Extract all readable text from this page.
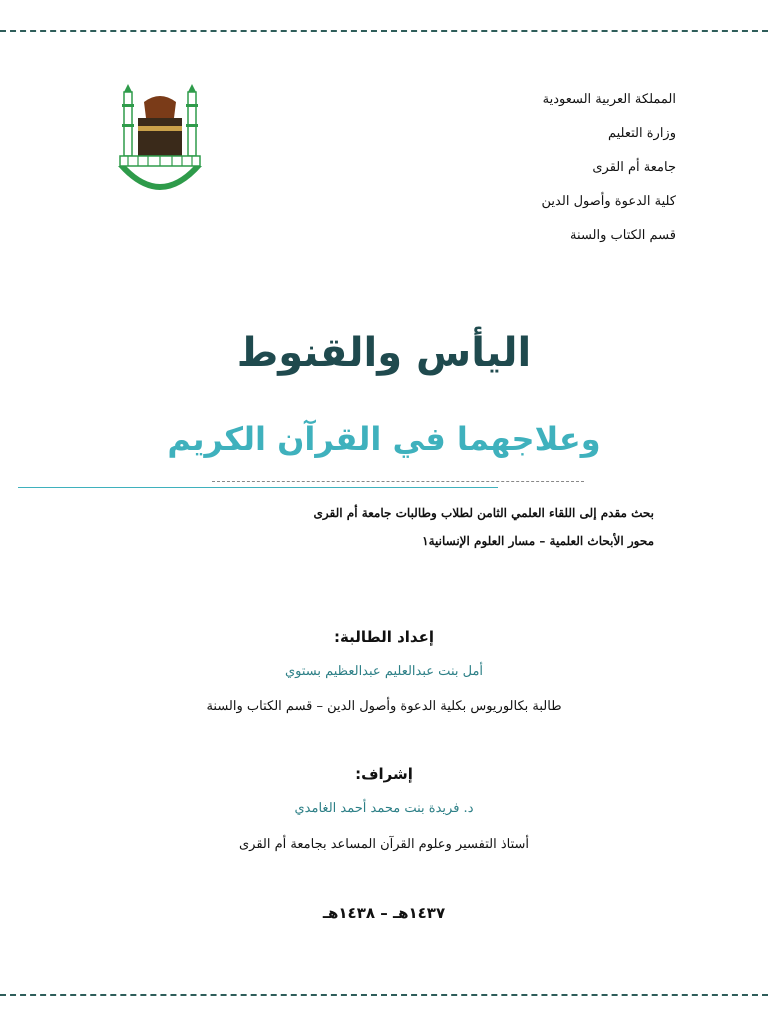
المملكة العربية السعودية
وزارة التعليم
جامعة أم القرى
كلية الدعوة وأصول الدين
قسم الكتاب والسنة
اليأس والقنوط
وعلاجهما في القرآن الكريم
بحث مقدم إلى اللقاء العلمي الثامن لطلاب وطالبات جامعة أم القرى
محور الأبحاث العلمية – مسار العلوم الإنسانية١
إعداد الطالبة:
أمل بنت عبدالعليم عبدالعظيم بستوي
طالبة بكالوريوس بكلية الدعوة وأصول الدين – قسم الكتاب والسنة
إشراف:
د. فريدة بنت محمد أحمد الغامدي
أستاذ التفسير وعلوم القرآن المساعد بجامعة أم القرى
١٤٣٧هـ – ١٤٣٨هـ
